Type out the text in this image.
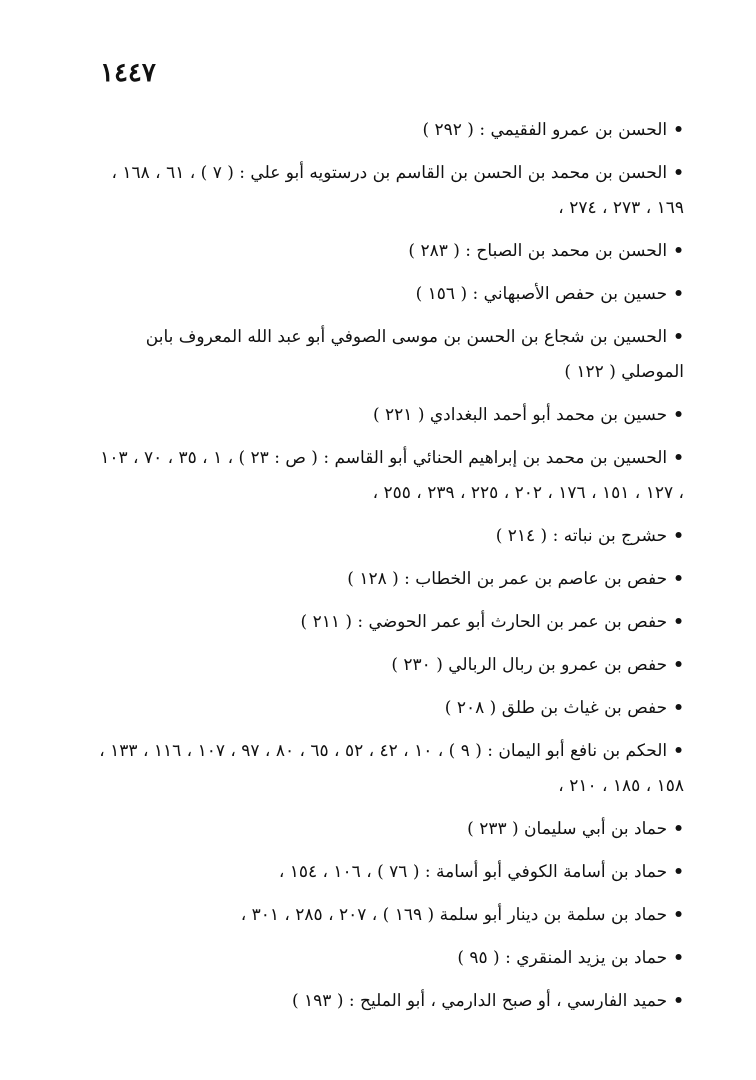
١٤٤٧
•الحسن بن عمرو الفقيمي : ( ٢٩٢ )
•الحسن بن محمد بن الحسن بن القاسم بن درستويه أبو علي : ( ٧ ) ، ٦١ ، ١٦٨ ، ١٦٩ ، ٢٧٣ ، ٢٧٤ ،
•الحسن بن محمد بن الصباح : ( ٢٨٣ )
•حسين بن حفص الأصبهاني : ( ١٥٦ )
•الحسين بن شجاع بن الحسن بن موسى الصوفي أبو عبد الله المعروف بابن الموصلي ( ١٢٢ )
•حسين بن محمد أبو أحمد البغدادي ( ٢٢١ )
•الحسين بن محمد بن إبراهيم الحنائي أبو القاسم : ( ص : ٢٣ ) ، ١ ، ٣٥ ، ٧٠ ، ١٠٣ ، ١٢٧ ، ١٥١ ، ١٧٦ ، ٢٠٢ ، ٢٢٥ ، ٢٣٩ ، ٢٥٥ ،
•حشرج بن نباته : ( ٢١٤ )
•حفص بن عاصم بن عمر بن الخطاب : ( ١٢٨ )
•حفص بن عمر بن الحارث أبو عمر الحوضي : ( ٢١١ )
•حفص بن عمرو بن ربال الربالي ( ٢٣٠ )
•حفص بن غياث بن طلق ( ٢٠٨ )
•الحكم بن نافع أبو اليمان : ( ٩ ) ، ١٠ ، ٤٢ ، ٥٢ ، ٦٥ ، ٨٠ ، ٩٧ ، ١٠٧ ، ١١٦ ، ١٣٣ ، ١٥٨ ، ١٨٥ ، ٢١٠ ،
•حماد بن أبي سليمان ( ٢٣٣ )
•حماد بن أسامة الكوفي أبو أسامة : ( ٧٦ ) ، ١٠٦ ، ١٥٤ ،
•حماد بن سلمة بن دينار أبو سلمة ( ١٦٩ ) ، ٢٠٧ ، ٢٨٥ ، ٣٠١ ،
•حماد بن يزيد المنقري : ( ٩٥ )
•حميد الفارسي ، أو صبح الدارمي ، أبو المليح : ( ١٩٣ )
